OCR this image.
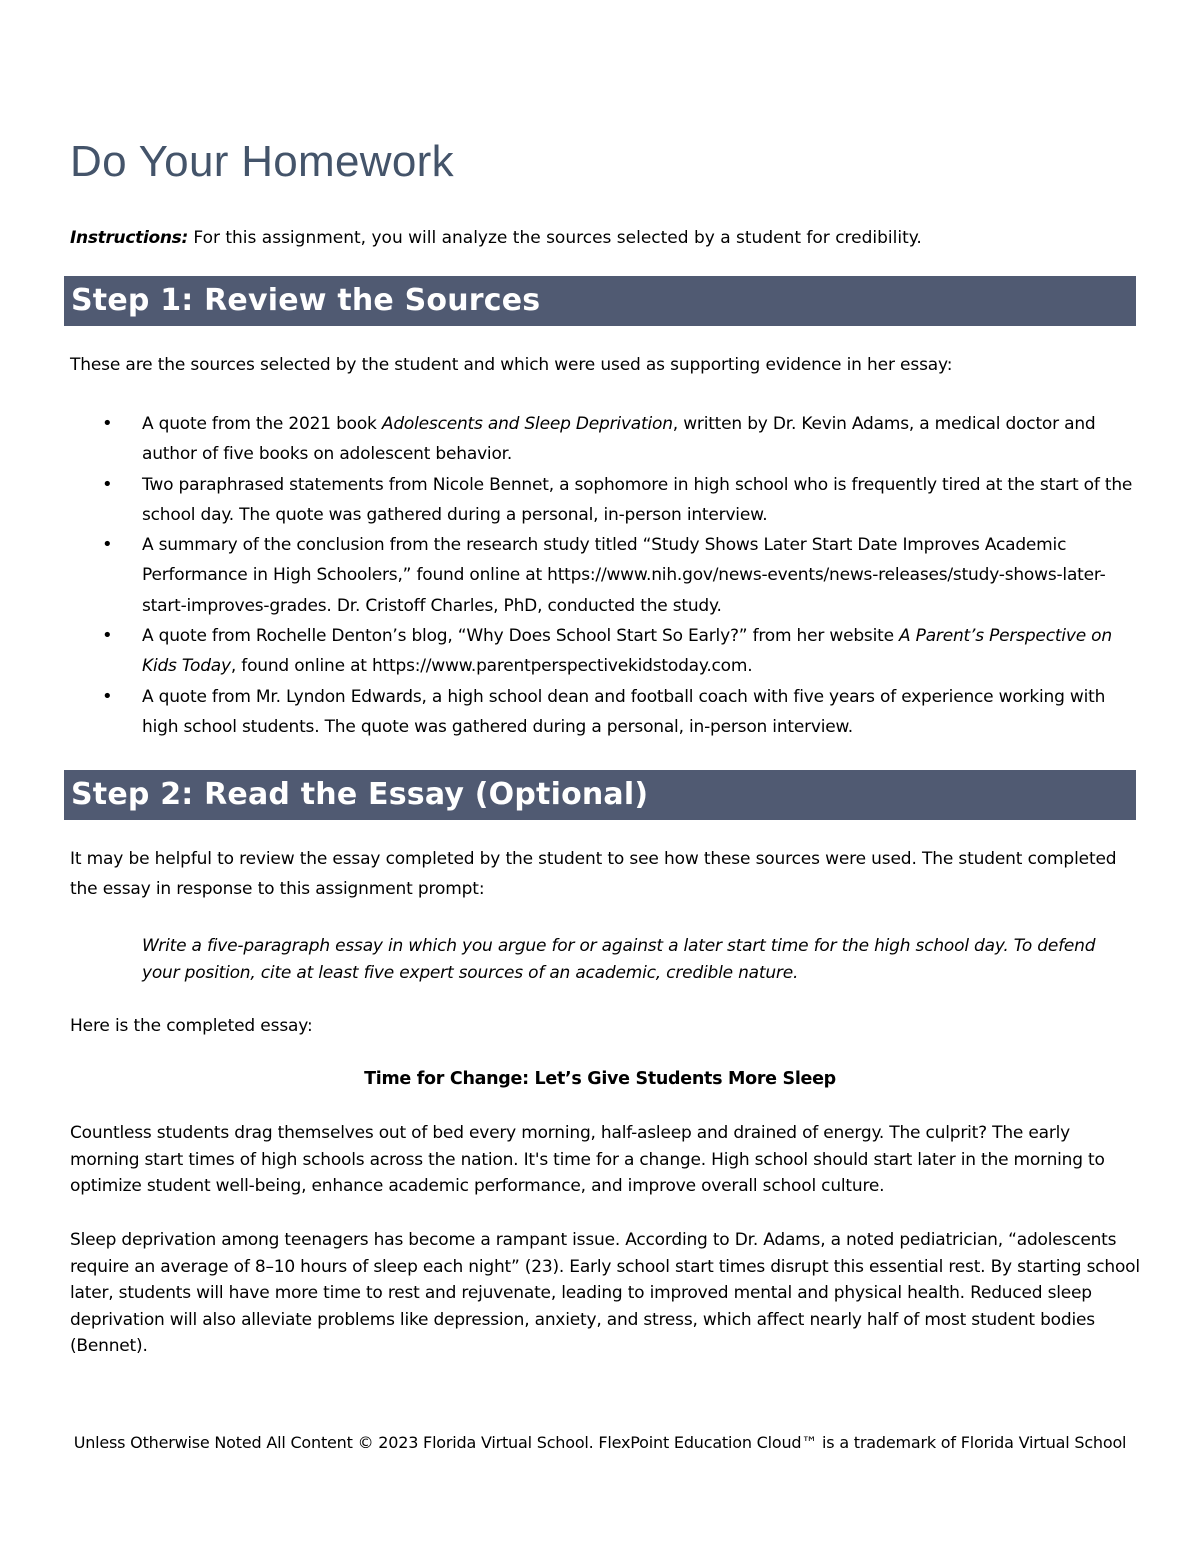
Do Your Homework

Instructions: For this assignment, you will analyze the sources selected by a student for credibility.

Step 1: Review the Sources

These are the sources selected by the student and which were used as supporting evidence in her essay:

• A quote from the 2021 book Adolescents and Sleep Deprivation, written by Dr. Kevin Adams, a medical doctor and author of five books on adolescent behavior.
• Two paraphrased statements from Nicole Bennet, a sophomore in high school who is frequently tired at the start of the school day. The quote was gathered during a personal, in-person interview.
• A summary of the conclusion from the research study titled “Study Shows Later Start Date Improves Academic Performance in High Schoolers,” found online at https://www.nih.gov/news-events/news-releases/study-shows-later-start-improves-grades. Dr. Cristoff Charles, PhD, conducted the study.
• A quote from Rochelle Denton’s blog, “Why Does School Start So Early?” from her website A Parent’s Perspective on Kids Today, found online at https://www.parentperspectivekidstoday.com.
• A quote from Mr. Lyndon Edwards, a high school dean and football coach with five years of experience working with high school students. The quote was gathered during a personal, in-person interview.
Step 2: Read the Essay (Optional)

It may be helpful to review the essay completed by the student to see how these sources were used. The student completed the essay in response to this assignment prompt:

Write a five-paragraph essay in which you argue for or against a later start time for the high school day. To defend your position, cite at least five expert sources of an academic, credible nature.

Here is the completed essay:

Time for Change: Let’s Give Students More Sleep

Countless students drag themselves out of bed every morning, half-asleep and drained of energy. The culprit? The early morning start times of high schools across the nation. It's time for a change. High school should start later in the morning to optimize student well-being, enhance academic performance, and improve overall school culture.

Sleep deprivation among teenagers has become a rampant issue. According to Dr. Adams, a noted pediatrician, “adolescents require an average of 8–10 hours of sleep each night” (23). Early school start times disrupt this essential rest. By starting school later, students will have more time to rest and rejuvenate, leading to improved mental and physical health. Reduced sleep deprivation will also alleviate problems like depression, anxiety, and stress, which affect nearly half of most student bodies (Bennet).

Unless Otherwise Noted All Content © 2023 Florida Virtual School. FlexPoint Education Cloud™ is a trademark of Florida Virtual School
